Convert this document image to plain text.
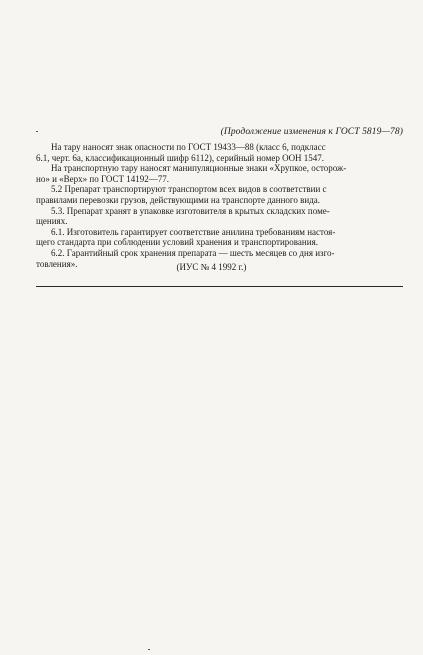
(Продолжение изменения к ГОСТ 5819—78)

На тару наносят знак опасности по ГОСТ 19433—88 (класс 6, подкласс
6.1, черт. 6а, классификационный шифр 6112), серийный номер ООН 1547.

На транспортную тару наносят манипуляционные знаки «Хрупкое, осторож-
но» и «Верх» по ГОСТ 14192—77.

5.2 Препарат транспортируют транспортом всех видов в соответствии с
правилами перевозки грузов, действующими на транспорте данного вида.

5.3. Препарат хранят в упаковке изготовителя в крытых складских поме-
щениях.

6.1. Изготовитель гарантирует соответствие анилина требованиям настоя-
щего стандарта при соблюдении условий хранения и транспортирования.

6.2. Гарантийный срок хранения препарата — шесть месяцев со дня изго-
товления».	(ИУС № 4 1992 г.)
